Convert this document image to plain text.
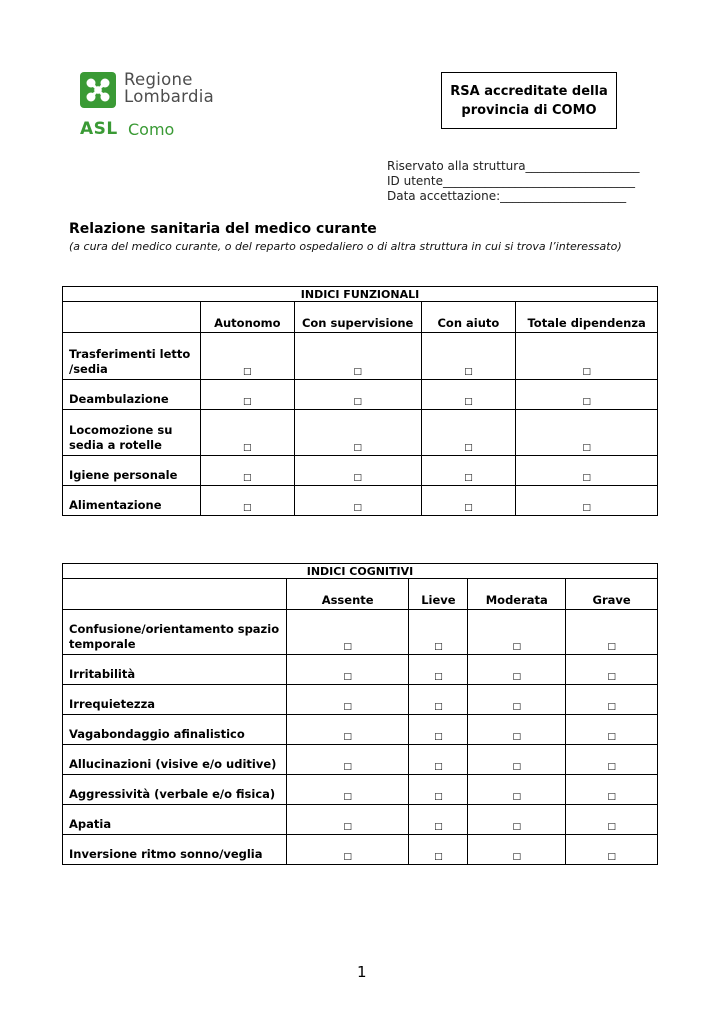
Regione
Lombardia
ASL Como
RSA accreditate della
provincia di COMO
Riservato alla struttura___________________
ID utente________________________________
Data accettazione:_____________________
Relazione sanitaria del medico curante
(a cura del medico curante, o del reparto ospedaliero o di altra struttura in cui si trova l’interessato)
INDICI FUNZIONALI				
	Autonomo	Con supervisione	Con aiuto	Totale dipendenza
Trasferimenti letto /sedia	□	□	□	□
Deambulazione	□	□	□	□
Locomozione su sedia a rotelle	□	□	□	□
Igiene personale	□	□	□	□
Alimentazione	□	□	□	□
INDICI COGNITIVI				
	Assente	Lieve	Moderata	Grave
Confusione/orientamento spazio temporale	□	□	□	□
Irritabilità	□	□	□	□
Irrequietezza	□	□	□	□
Vagabondaggio afinalistico	□	□	□	□
Allucinazioni (visive e/o uditive)	□	□	□	□
Aggressività (verbale e/o fisica)	□	□	□	□
Apatia	□	□	□	□
Inversione ritmo sonno/veglia	□	□	□	□
1
